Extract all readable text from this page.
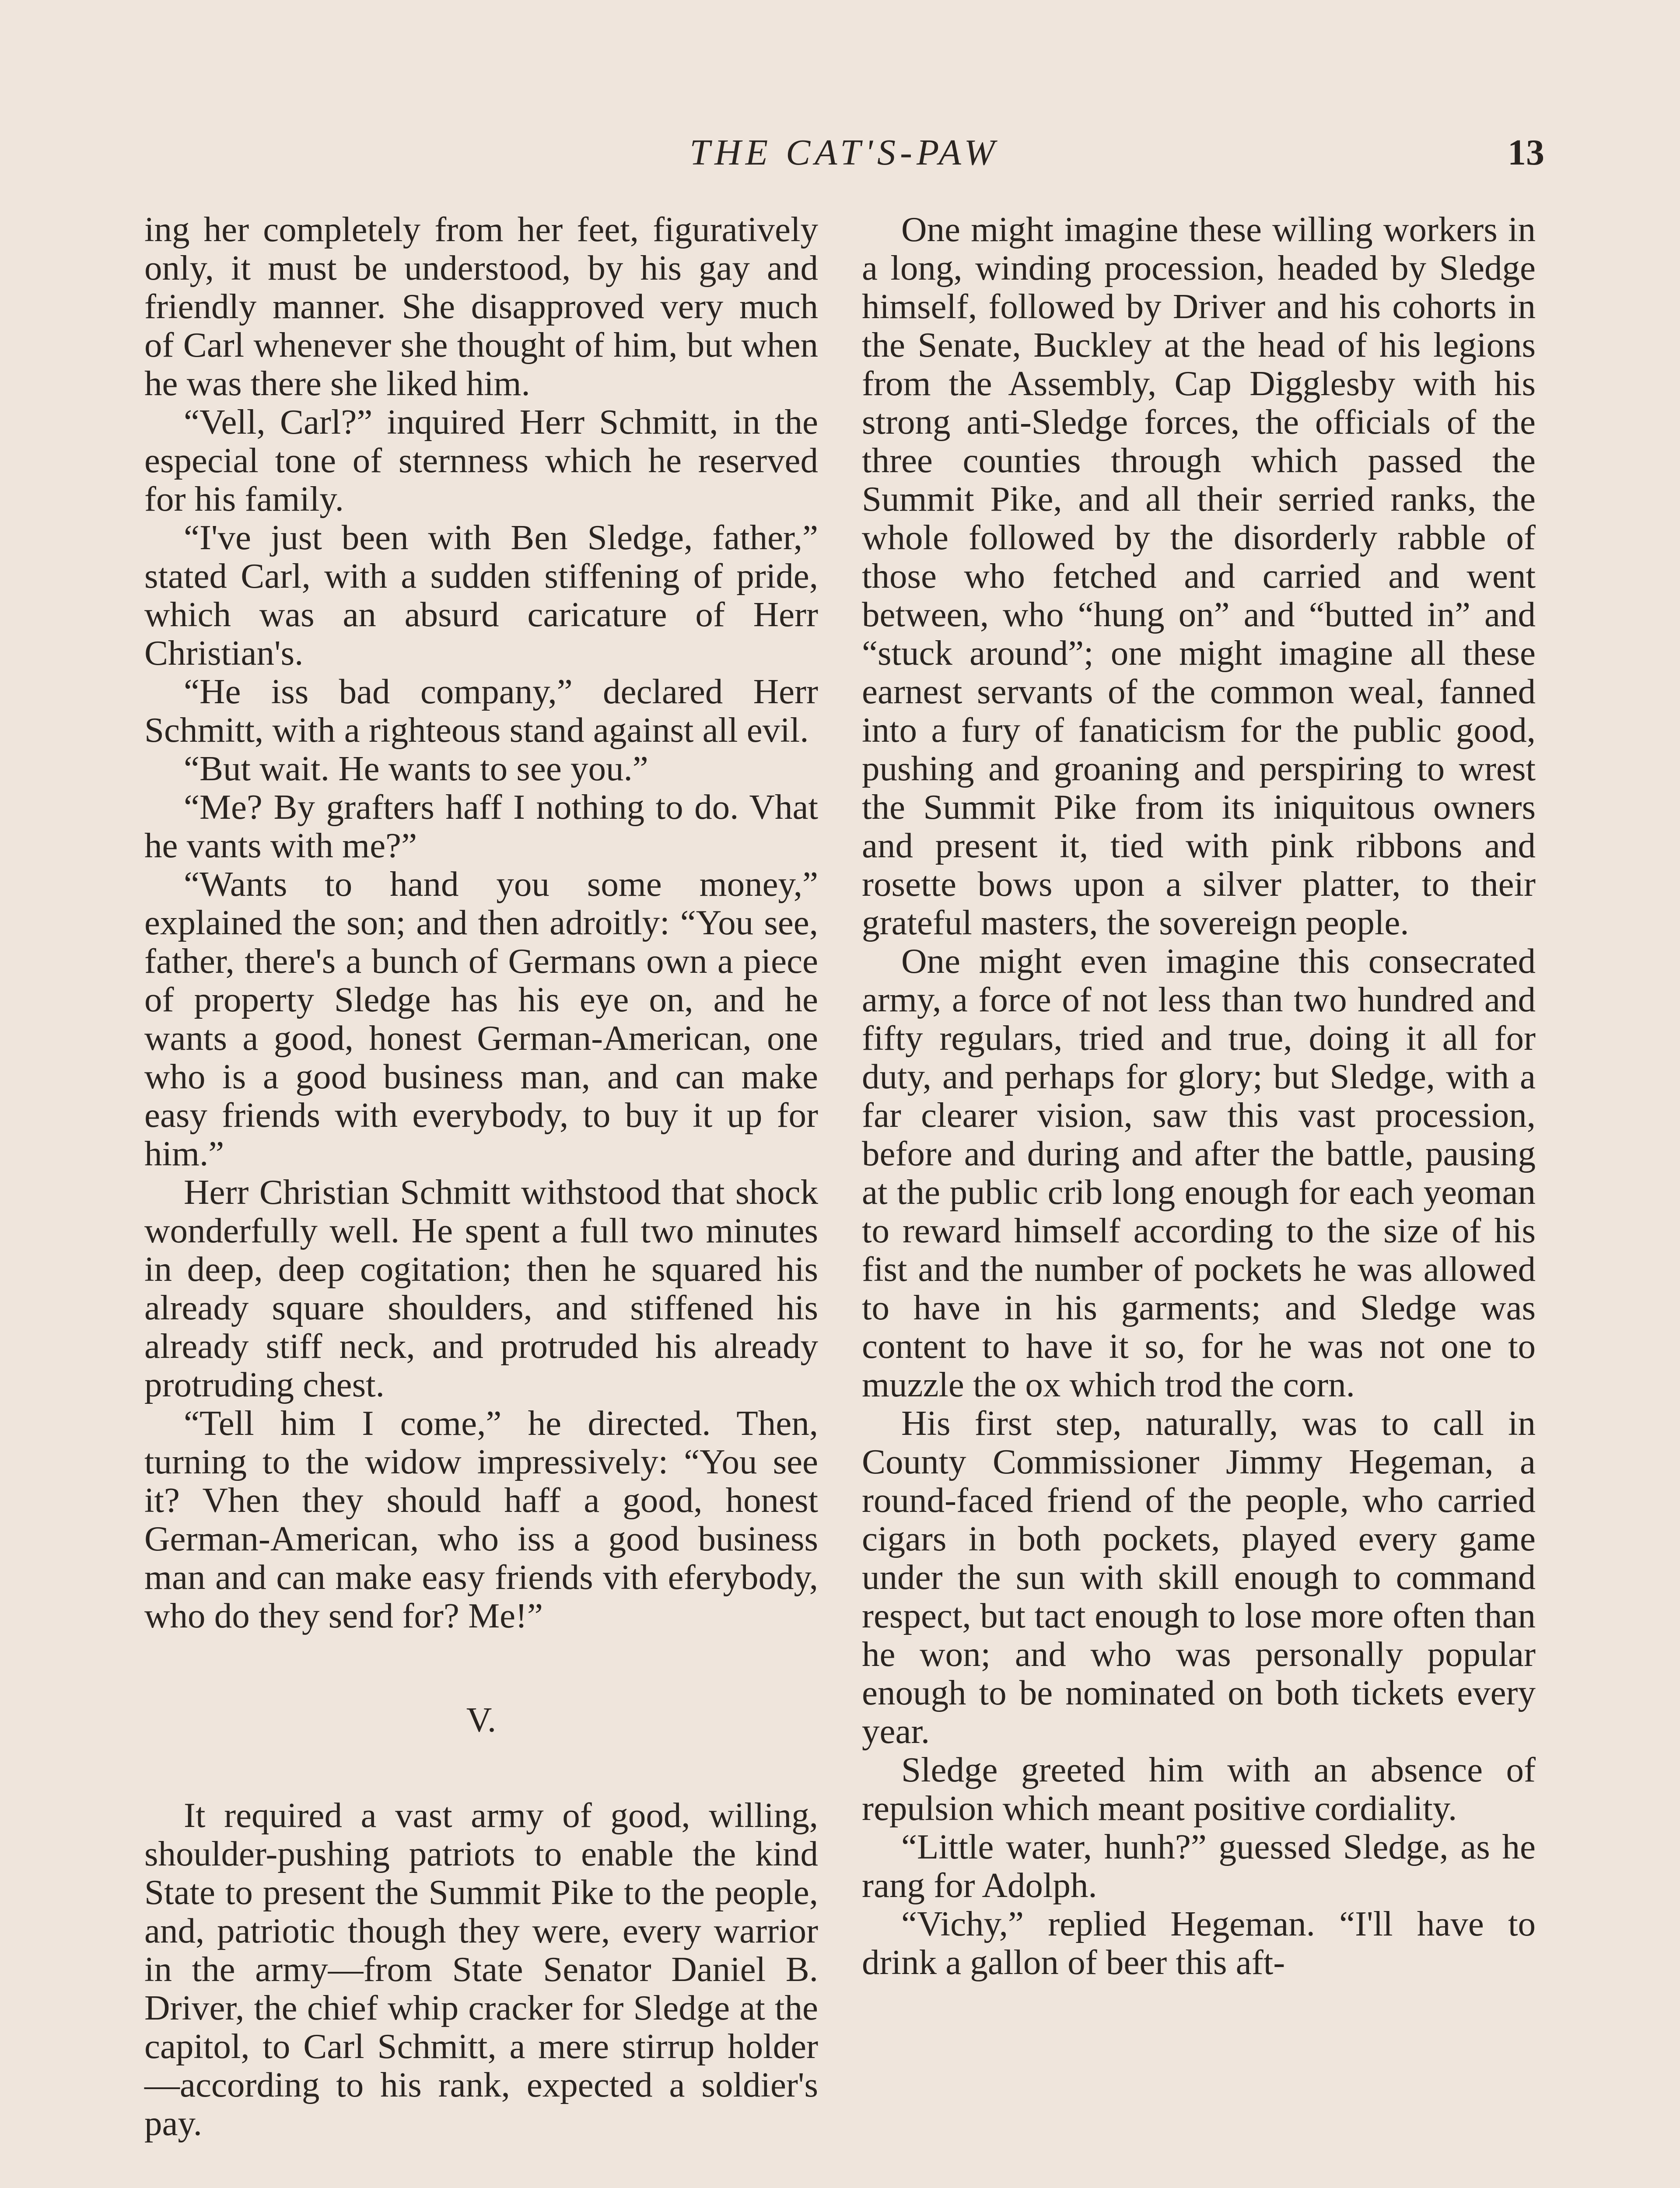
THE CAT'S-PAW	13

ing her completely from her feet, figuratively only, it must be understood, by his gay and friendly manner. She disapproved very much of Carl whenever she thought of him, but when he was there she liked him.

“Vell, Carl?” inquired Herr Schmitt, in the especial tone of sternness which he reserved for his family.

“I've just been with Ben Sledge, father,” stated Carl, with a sudden stiffening of pride, which was an absurd caricature of Herr Christian's.

“He iss bad company,” declared Herr Schmitt, with a righteous stand against all evil.

“But wait. He wants to see you.”

“Me? By grafters haff I nothing to do. Vhat he vants with me?”

“Wants to hand you some money,” explained the son; and then adroitly: “You see, father, there's a bunch of Germans own a piece of property Sledge has his eye on, and he wants a good, honest German-American, one who is a good business man, and can make easy friends with everybody, to buy it up for him.”

Herr Christian Schmitt withstood that shock wonderfully well. He spent a full two minutes in deep, deep cogitation; then he squared his already square shoulders, and stiffened his already stiff neck, and protruded his already protruding chest.

“Tell him I come,” he directed. Then, turning to the widow impressively: “You see it? Vhen they should haff a good, honest German-American, who iss a good business man and can make easy friends vith eferybody, who do they send for? Me!”

V.

It required a vast army of good, willing, shoulder-pushing patriots to enable the kind State to present the Summit Pike to the people, and, patriotic though they were, every warrior in the army—from State Senator Daniel B. Driver, the chief whip cracker for Sledge at the capitol, to Carl Schmitt, a mere stirrup holder—according to his rank, expected a soldier's pay.

One might imagine these willing workers in a long, winding procession, headed by Sledge himself, followed by Driver and his cohorts in the Senate, Buckley at the head of his legions from the Assembly, Cap Digglesby with his strong anti-Sledge forces, the officials of the three counties through which passed the Summit Pike, and all their serried ranks, the whole followed by the disorderly rabble of those who fetched and carried and went between, who “hung on” and “butted in” and “stuck around”; one might imagine all these earnest servants of the common weal, fanned into a fury of fanaticism for the public good, pushing and groaning and perspiring to wrest the Summit Pike from its iniquitous owners and present it, tied with pink ribbons and rosette bows upon a silver platter, to their grateful masters, the sovereign people.

One might even imagine this consecrated army, a force of not less than two hundred and fifty regulars, tried and true, doing it all for duty, and perhaps for glory; but Sledge, with a far clearer vision, saw this vast procession, before and during and after the battle, pausing at the public crib long enough for each yeoman to reward himself according to the size of his fist and the number of pockets he was allowed to have in his garments; and Sledge was content to have it so, for he was not one to muzzle the ox which trod the corn.

His first step, naturally, was to call in County Commissioner Jimmy Hegeman, a round-faced friend of the people, who carried cigars in both pockets, played every game under the sun with skill enough to command respect, but tact enough to lose more often than he won; and who was personally popular enough to be nominated on both tickets every year.

Sledge greeted him with an absence of repulsion which meant positive cordiality.

“Little water, hunh?” guessed Sledge, as he rang for Adolph.

“Vichy,” replied Hegeman. “I'll have to drink a gallon of beer this aft-
